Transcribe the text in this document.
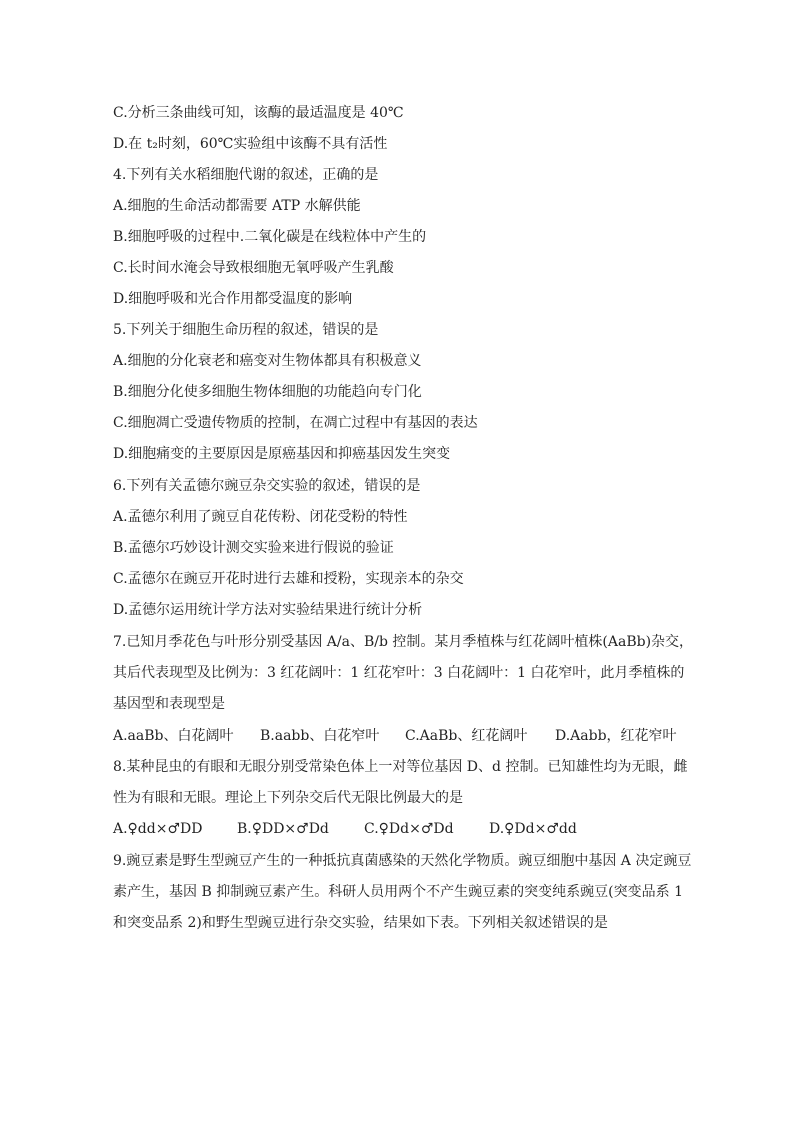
C.分析三条曲线可知，该酶的最适温度是 40℃
D.在 t₂时刻，60℃实验组中该酶不具有活性
4.下列有关水稻细胞代谢的叙述，正确的是
A.细胞的生命活动都需要 ATP 水解供能
B.细胞呼吸的过程中.二氧化碳是在线粒体中产生的
C.长时间水淹会导致根细胞无氧呼吸产生乳酸
D.细胞呼吸和光合作用都受温度的影响
5.下列关于细胞生命历程的叙述，错误的是
A.细胞的分化衰老和癌变对生物体都具有积极意义
B.细胞分化使多细胞生物体细胞的功能趋向专门化
C.细胞凋亡受遗传物质的控制，在凋亡过程中有基因的表达
D.细胞痛变的主要原因是原癌基因和抑癌基因发生突变
6.下列有关孟德尔豌豆杂交实验的叙述，错误的是
A.孟德尔利用了豌豆自花传粉、闭花受粉的特性
B.孟德尔巧妙设计测交实验来进行假说的验证
C.孟德尔在豌豆开花时进行去雄和授粉，实现亲本的杂交
D.孟德尔运用统计学方法对实验结果进行统计分析
7.已知月季花色与叶形分别受基因 A/a、B/b 控制。某月季植株与红花阔叶植株(AaBb)杂交，
其后代表现型及比例为：3 红花阔叶：1 红花窄叶：3 白花阔叶：1 白花窄叶，此月季植株的
基因型和表现型是
A.aaBb、白花阔叶 B.aabb、白花窄叶 C.AaBb、红花阔叶 D.Aabb，红花窄叶
8.某种昆虫的有眼和无眼分别受常染色体上一对等位基因 D、d 控制。已知雄性均为无眼，雌
性为有眼和无眼。理论上下列杂交后代无限比例最大的是
A.♀dd×♂DD B.♀DD×♂Dd	C.♀Dd×♂Dd	D.♀Dd×♂dd
9.豌豆素是野生型豌豆产生的一种抵抗真菌感染的天然化学物质。豌豆细胞中基因 A 决定豌豆
素产生，基因 B 抑制豌豆素产生。科研人员用两个不产生豌豆素的突变纯系豌豆(突变品系 1
和突变品系 2)和野生型豌豆进行杂交实验，结果如下表。下列相关叙述错误的是
